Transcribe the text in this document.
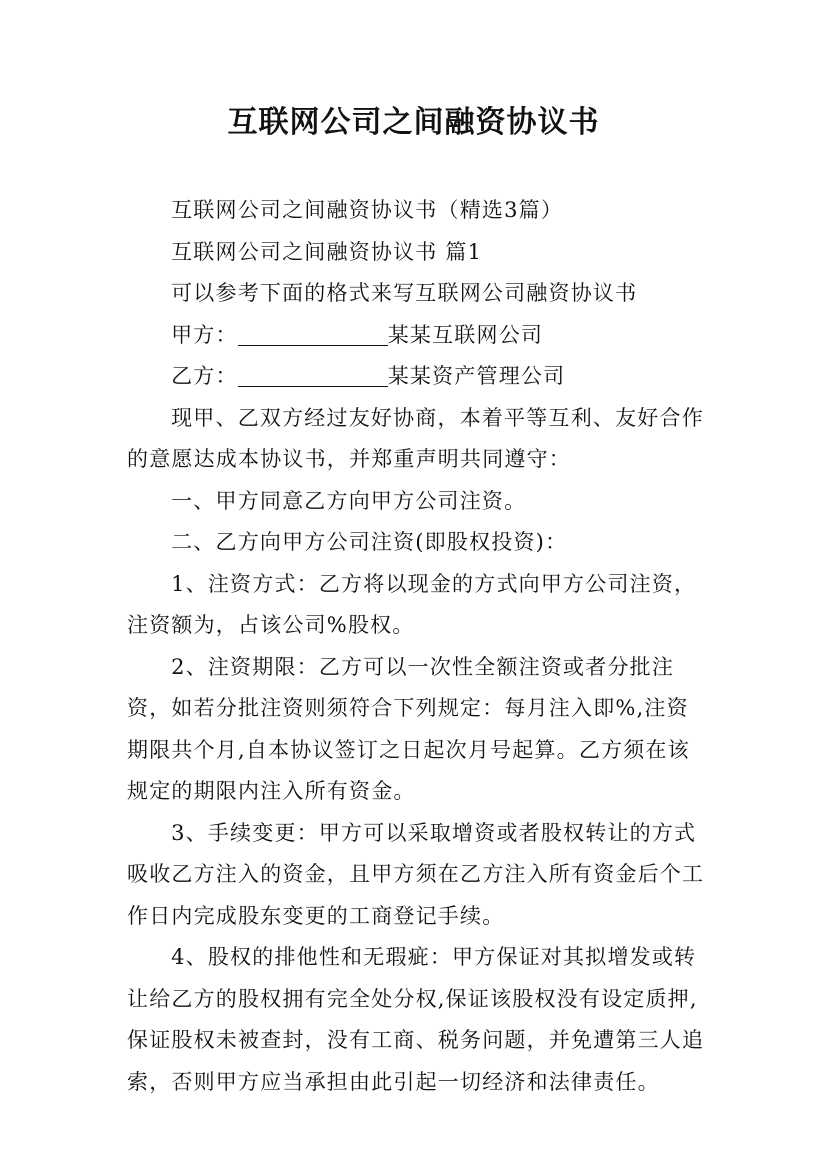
互联网公司之间融资协议书

互联网公司之间融资协议书（精选3篇）

互联网公司之间融资协议书 篇1

可以参考下面的格式来写互联网公司融资协议书

甲方：	某某互联网公司

乙方：	某某资产管理公司

现甲、乙双方经过友好协商，本着平等互利、友好合作的意愿达成本协议书，并郑重声明共同遵守：

一、甲方同意乙方向甲方公司注资。

二、乙方向甲方公司注资(即股权投资)：

1、注资方式：乙方将以现金的方式向甲方公司注资，注资额为，占该公司%股权。

2、注资期限：乙方可以一次性全额注资或者分批注资，如若分批注资则须符合下列规定：每月注入即%,注资期限共个月,自本协议签订之日起次月号起算。乙方须在该规定的期限内注入所有资金。

3、手续变更：甲方可以采取增资或者股权转让的方式吸收乙方注入的资金，且甲方须在乙方注入所有资金后个工作日内完成股东变更的工商登记手续。

4、股权的排他性和无瑕疵：甲方保证对其拟增发或转让给乙方的股权拥有完全处分权,保证该股权没有设定质押,保证股权未被查封，没有工商、税务问题，并免遭第三人追索，否则甲方应当承担由此引起一切经济和法律责任。
